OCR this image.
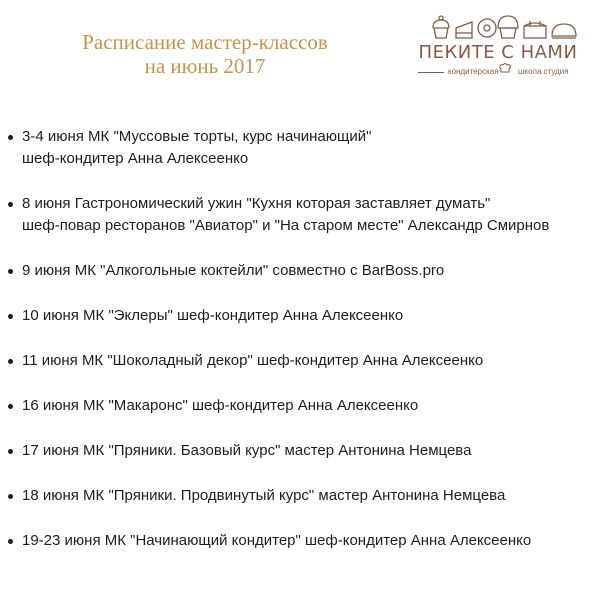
Расписание мастер-классов
на июнь 2017
ПЕКИТЕ С НАМИ
кондитерская школа студия
3-4 июня МК "Муссовые торты, курс начинающий"
шеф-кондитер Анна Алексеенко
8 июня Гастрономический ужин "Кухня которая заставляет думать"
шеф-повар ресторанов "Авиатор" и "На старом месте" Александр Смирнов
9 июня МК "Алкогольные коктейли" совместно с BarBoss.pro
10 июня МК "Эклеры" шеф-кондитер Анна Алексеенко
11 июня МК "Шоколадный декор" шеф-кондитер Анна Алексеенко
16 июня МК "Макаронс" шеф-кондитер Анна Алексеенко
17 июня МК "Пряники. Базовый курс" мастер Антонина Немцева
18 июня МК "Пряники. Продвинутый курс" мастер Антонина Немцева
19-23 июня МК "Начинающий кондитер" шеф-кондитер Анна Алексеенко
